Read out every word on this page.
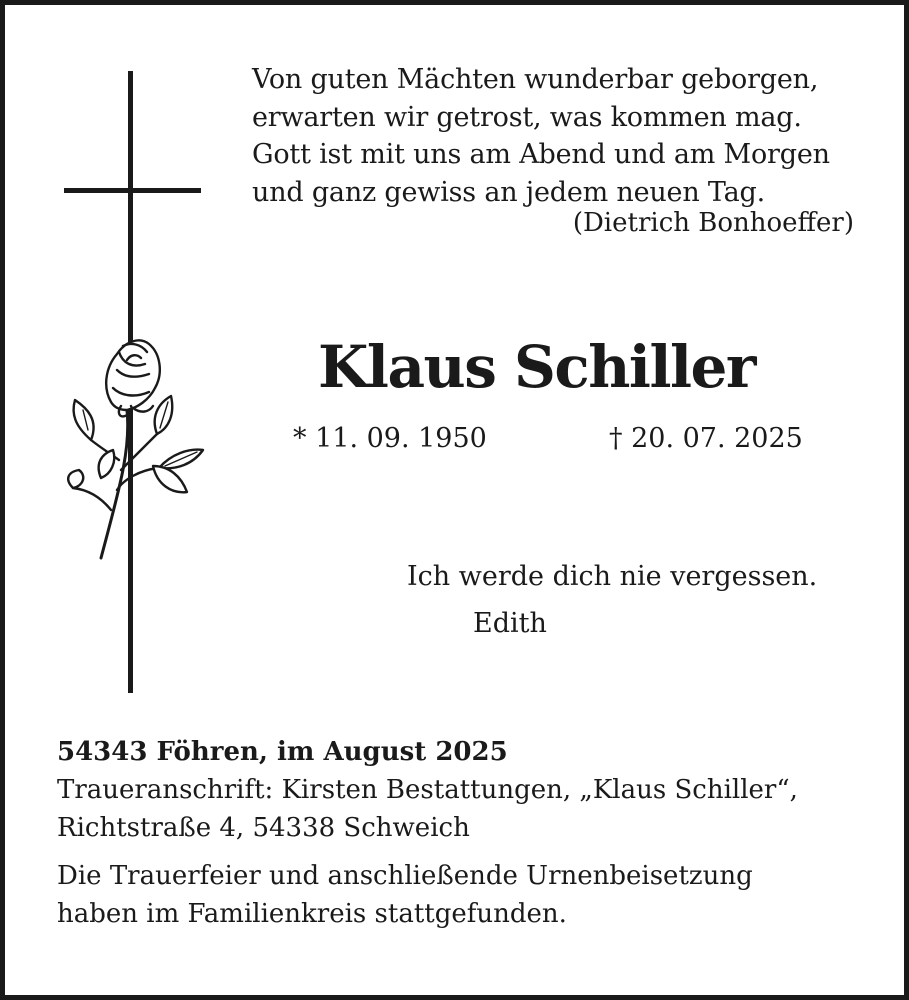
Von guten Mächten wunderbar geborgen,
erwarten wir getrost, was kommen mag.
Gott ist mit uns am Abend und am Morgen
und ganz gewiss an jedem neuen Tag.
(Dietrich Bonhoeffer)
Klaus Schiller
* 11. 09. 1950	† 20. 07. 2025
Ich werde dich nie vergessen.
Edith
54343 Föhren, im August 2025
Traueranschrift: Kirsten Bestattungen, „Klaus Schiller“,
Richtstraße 4, 54338 Schweich
Die Trauerfeier und anschließende Urnenbeisetzung
haben im Familienkreis stattgefunden.
